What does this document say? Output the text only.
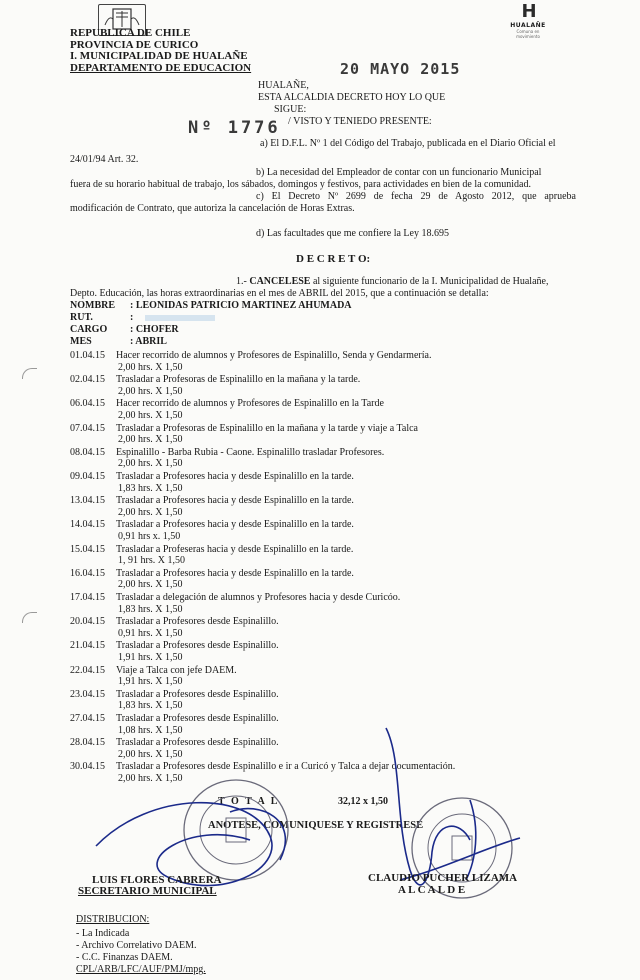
REPUBLICA DE CHILE
PROVINCIA DE CURICO
I. MUNICIPALIDAD DE HUALAÑE
DEPARTAMENTO DE EDUCACION
H
HUALAÑE
Comuna en movimiento
20 MAYO 2015
Nº 1776
HUALAÑE,
ESTA ALCALDIA DECRETO HOY LO QUE
SIGUE:
/ VISTO Y TENIEDO PRESENTE:
a) El D.F.L. Nº 1 del Código del Trabajo, publicada en el Diario Oficial el
24/01/94 Art. 32.
b) La necesidad del Empleador de contar con un funcionario Municipal
fuera de su horario habitual de trabajo, los sábados, domingos y festivos, para actividades en bien de la comunidad.
c) El Decreto Nº 2699 de fecha 29 de Agosto 2012, que aprueba
modificación de Contrato, que autoriza la cancelación de Horas Extras.
d) Las facultades que me confiere la Ley 18.695
D E C R E T O:
1.- CANCELESE al siguiente funcionario de la I. Municipalidad de Hualañe,
Depto. Educación, las horas extraordinarias en el mes de ABRIL del 2015, que a continuación se detalla:
NOMBRE : LEONIDAS PATRICIO MARTINEZ AHUMADA
RUT.	:
CARGO : CHOFER
MES	: ABRIL
01.04.15 Hacer recorrido de alumnos y Profesores de Espinalillo, Senda y Gendarmería.
2,00 hrs. X 1,50
02.04.15 Trasladar a Profesoras de Espinalillo en la mañana y la tarde.
2,00 hrs. X 1,50
06.04.15 Hacer recorrido de alumnos y Profesores de Espinalillo en la Tarde
2,00 hrs. X 1,50
07.04.15 Trasladar a Profesoras de Espinalillo en la mañana y la tarde y viaje a Talca
2,00 hrs. X 1,50
08.04.15 Espinalillo - Barba Rubia - Caone. Espinalillo trasladar Profesores.
2,00 hrs. X 1,50
09.04.15 Trasladar a Profesores hacia y desde Espinalillo en la tarde.
1,83 hrs. X 1,50
13.04.15 Trasladar a Profesores hacia y desde Espinalillo en la tarde.
2,00 hrs. X 1,50
14.04.15 Trasladar a Profesores hacia y desde Espinalillo en la tarde.
0,91 hrs x. 1,50
15.04.15 Trasladar a Profeseras hacia y desde Espinalillo en la tarde.
1, 91 hrs. X 1,50
16.04.15 Trasladar a Profesores hacia y desde Espinalillo en la tarde.
2,00 hrs. X 1,50
17.04.15 Trasladar a delegación de alumnos y Profesores hacia y desde Curicóo.
1,83 hrs. X 1,50
20.04.15 Trasladar a Profesores desde Espinalillo.
0,91 hrs. X 1,50
21.04.15 Trasladar a Profesores desde Espinalillo.
1,91 hrs. X 1,50
22.04.15 Viaje a Talca con jefe DAEM.
1,91 hrs. X 1,50
23.04.15 Trasladar a Profesores desde Espinalillo.
1,83 hrs. X 1,50
27.04.15 Trasladar a Profesores desde Espinalillo.
1,08 hrs. X 1,50
28.04.15 Trasladar a Profesores desde Espinalillo.
2,00 hrs. X 1,50
30.04.15 Trasladar a Profesores desde Espinalillo e ir a Curicó y Talca a dejar documentación.
2,00 hrs. X 1,50
T O T A L	32,12 x 1,50
ANOTESE, COMUNIQUESE Y REGISTRESE
LUIS FLORES CABRERA
SECRETARIO MUNICIPAL
CLAUDIO PUCHER LIZAMA
A L C A L D E
DISTRIBUCION:
- La Indicada
- Archivo Correlativo DAEM.
- C.C. Finanzas DAEM.
CPL/ARB/LFC/AUF/PMJ/mpg.
